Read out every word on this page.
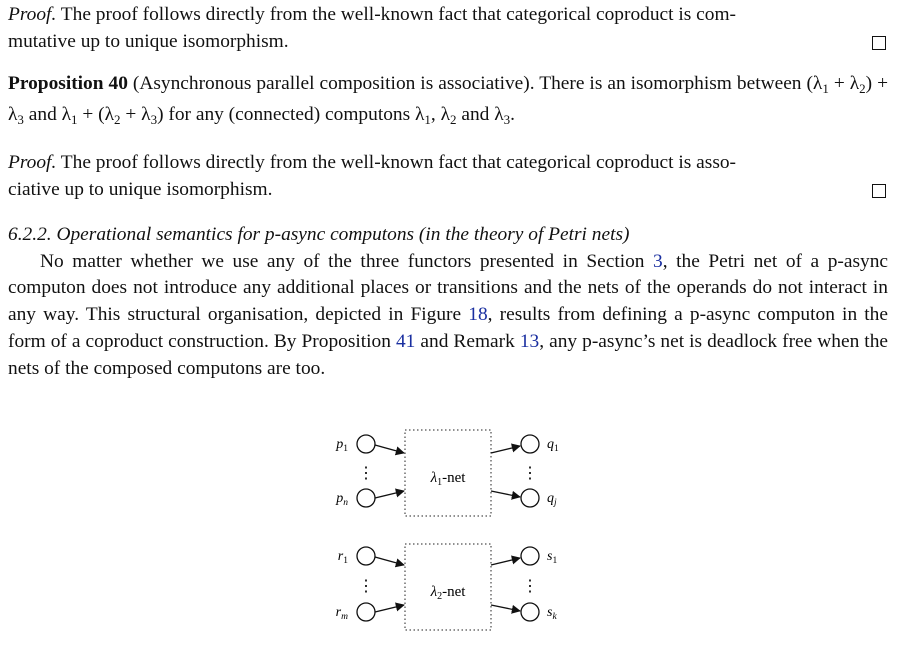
Proof. The proof follows directly from the well-known fact that categorical coproduct is com-
mutative up to unique isomorphism.

Proposition 40 (Asynchronous parallel composition is associative). There is an isomorphism between $(\lambda_1 + \lambda_2) + \lambda_3$ and $\lambda_1 + (\lambda_2 + \lambda_3)$ for any (connected) computons $\lambda_1$, $\lambda_2$ and $\lambda_3$.

Proof. The proof follows directly from the well-known fact that categorical coproduct is asso-
ciative up to unique isomorphism.

6.2.2. Operational semantics for p-async computons (in the theory of Petri nets)

No matter whether we use any of the three functors presented in Section 3, the Petri net of a p-async computon does not introduce any additional places or transitions and the nets of the operands do not interact in any way. This structural organisation, depicted in Figure 18, results from defining a p-async computon in the form of a coproduct construction. By Proposition 41 and Remark 13, any p-async’s net is deadlock free when the nets of the composed computons are too.

$\lambda_1$-net
$p_1$
$p_n$
⋮
$q_1$
$q_j$
⋮
$\lambda_2$-net
$r_1$
$r_m$
⋮
$s_1$
$s_k$
⋮
